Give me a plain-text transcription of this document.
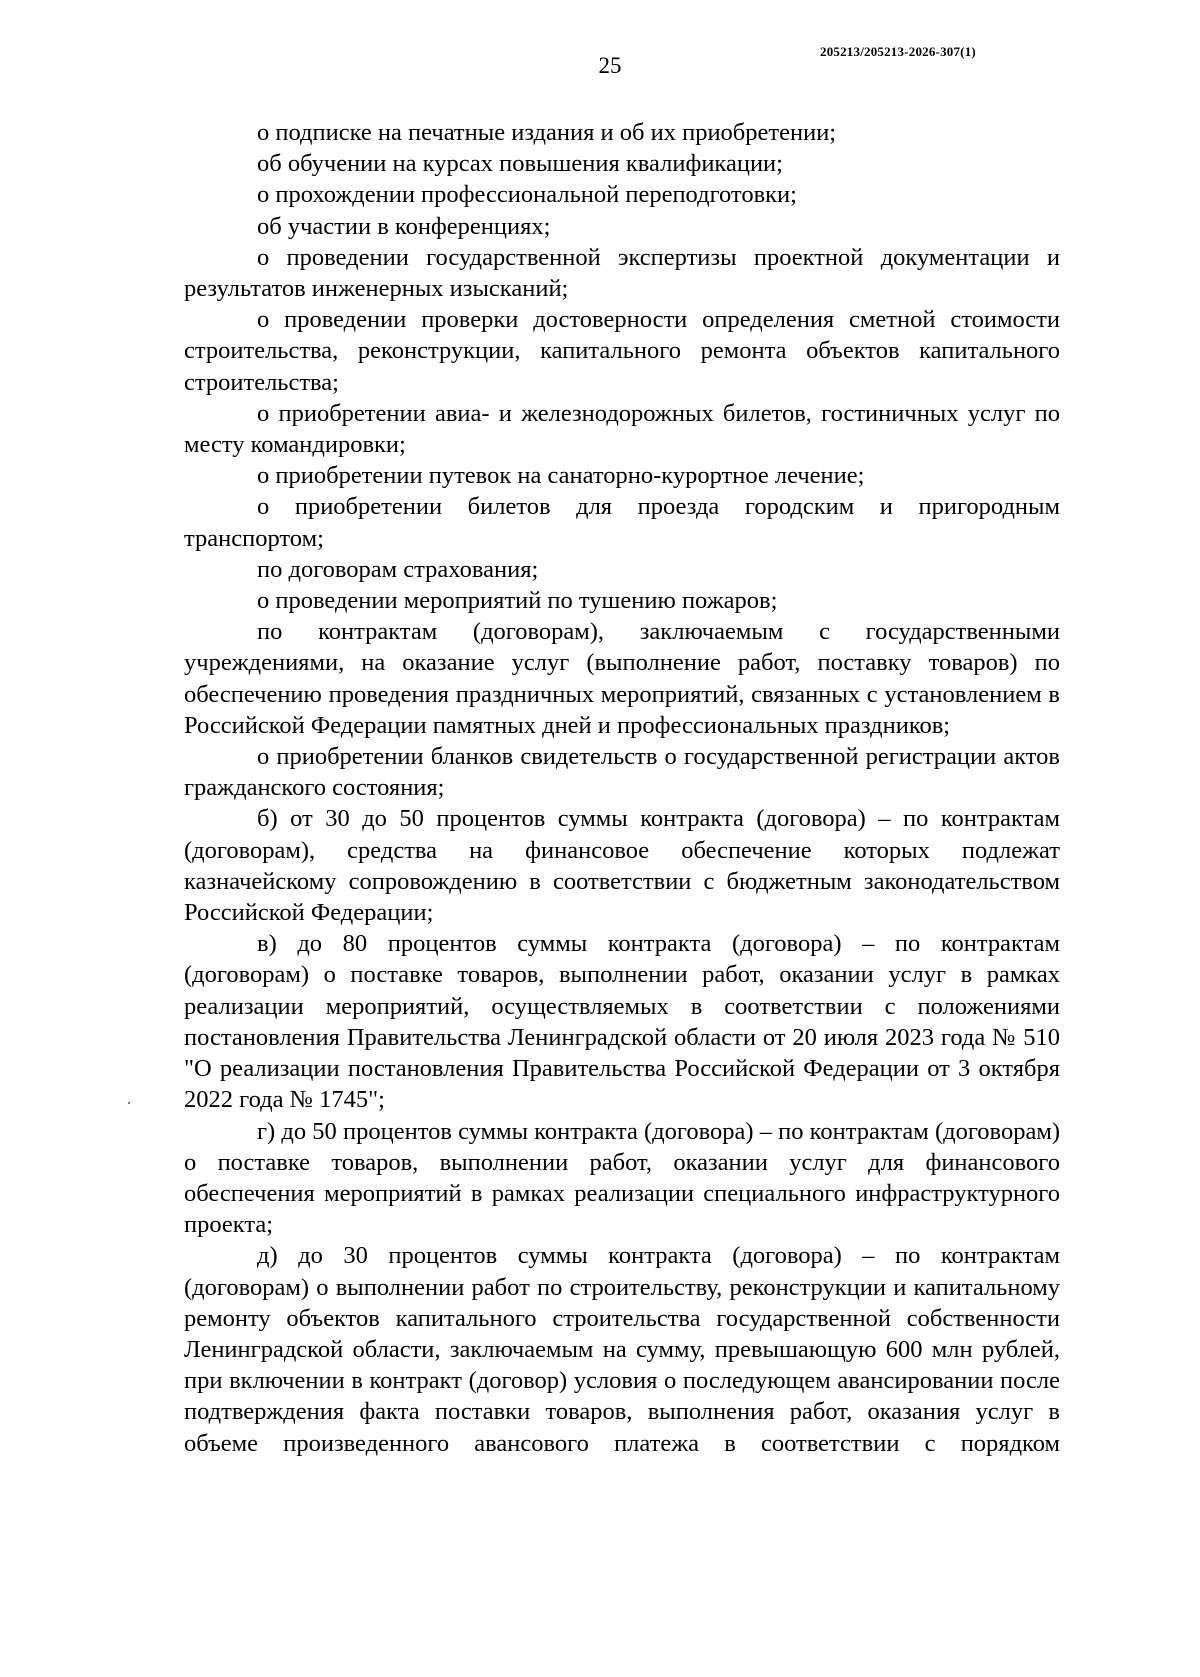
25
205213/205213-2026-307(1)

о подписке на печатные издания и об их приобретении;

об обучении на курсах повышения квалификации;

о прохождении профессиональной переподготовки;

об участии в конференциях;

о проведении государственной экспертизы проектной документации и результатов инженерных изысканий;

о проведении проверки достоверности определения сметной стоимости строительства, реконструкции, капитального ремонта объектов капитального строительства;

о приобретении авиа- и железнодорожных билетов, гостиничных услуг по месту командировки;

о приобретении путевок на санаторно-курортное лечение;

о приобретении билетов для проезда городским и пригородным транспортом;

по договорам страхования;

о проведении мероприятий по тушению пожаров;

по контрактам (договорам), заключаемым с государственными учреждениями, на оказание услуг (выполнение работ, поставку товаров) по обеспечению проведения праздничных мероприятий, связанных с установлением в Российской Федерации памятных дней и профессиональных праздников;

о приобретении бланков свидетельств о государственной регистрации актов гражданского состояния;

б) от 30 до 50 процентов суммы контракта (договора) – по контрактам (договорам), средства на финансовое обеспечение которых подлежат казначейскому сопровождению в соответствии с бюджетным законодательством Российской Федерации;

в) до 80 процентов суммы контракта (договора) – по контрактам (договорам) о поставке товаров, выполнении работ, оказании услуг в рамках реализации мероприятий, осуществляемых в соответствии с положениями постановления Правительства Ленинградской области от 20 июля 2023 года № 510 "О реализации постановления Правительства Российской Федерации от 3 октября 2022 года № 1745";

г) до 50 процентов суммы контракта (договора) – по контрактам (договорам) о поставке товаров, выполнении работ, оказании услуг для финансового обеспечения мероприятий в рамках реализации специального инфраструктурного проекта;

д) до 30 процентов суммы контракта (договора) – по контрактам (договорам) о выполнении работ по строительству, реконструкции и капитальному ремонту объектов капитального строительства государственной собственности Ленинградской области, заключаемым на сумму, превышающую 600 млн рублей, при включении в контракт (договор) условия о последующем авансировании после подтверждения факта поставки товаров, выполнения работ, оказания услуг в объеме произведенного авансового платежа в соответствии с порядком
